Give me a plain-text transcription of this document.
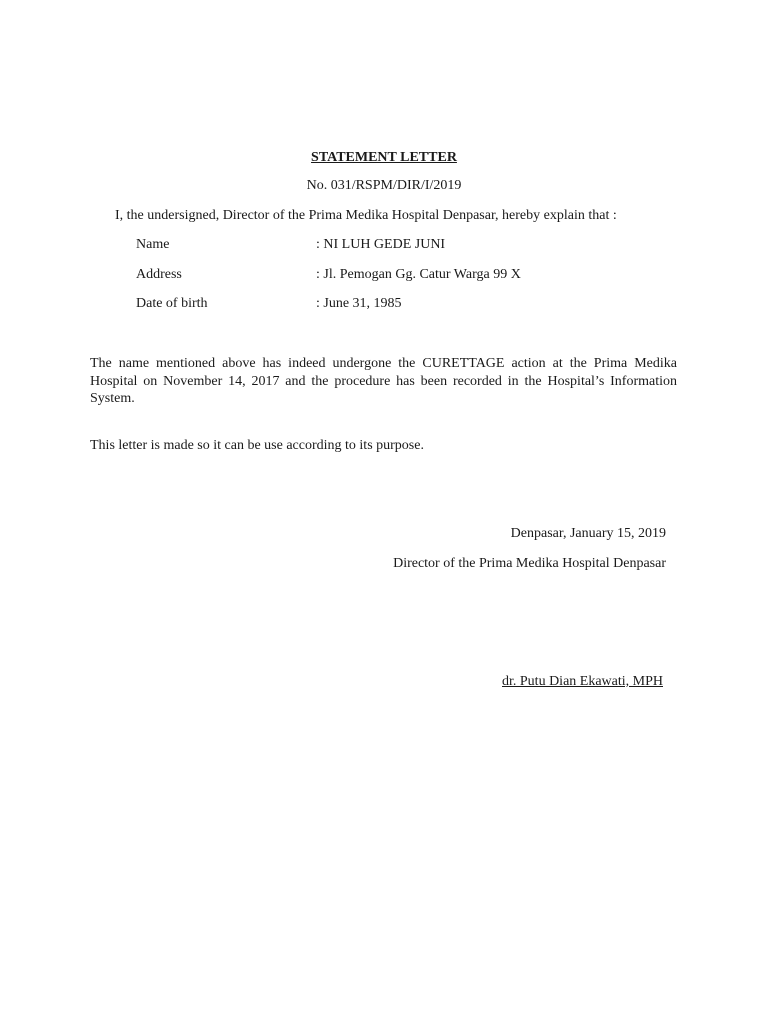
STATEMENT LETTER
No. 031/RSPM/DIR/I/2019
I, the undersigned, Director of the Prima Medika Hospital Denpasar, hereby explain that :
Name	: NI LUH GEDE JUNI
Address	: Jl. Pemogan Gg. Catur Warga 99 X
Date of birth	: June 31, 1985
The name mentioned above has indeed undergone the CURETTAGE action at the Prima Medika Hospital on November 14, 2017 and the procedure has been recorded in the Hospital’s Information System.
This letter is made so it can be use according to its purpose.
Denpasar, January 15, 2019
Director of the Prima Medika Hospital Denpasar
dr. Putu Dian Ekawati, MPH
